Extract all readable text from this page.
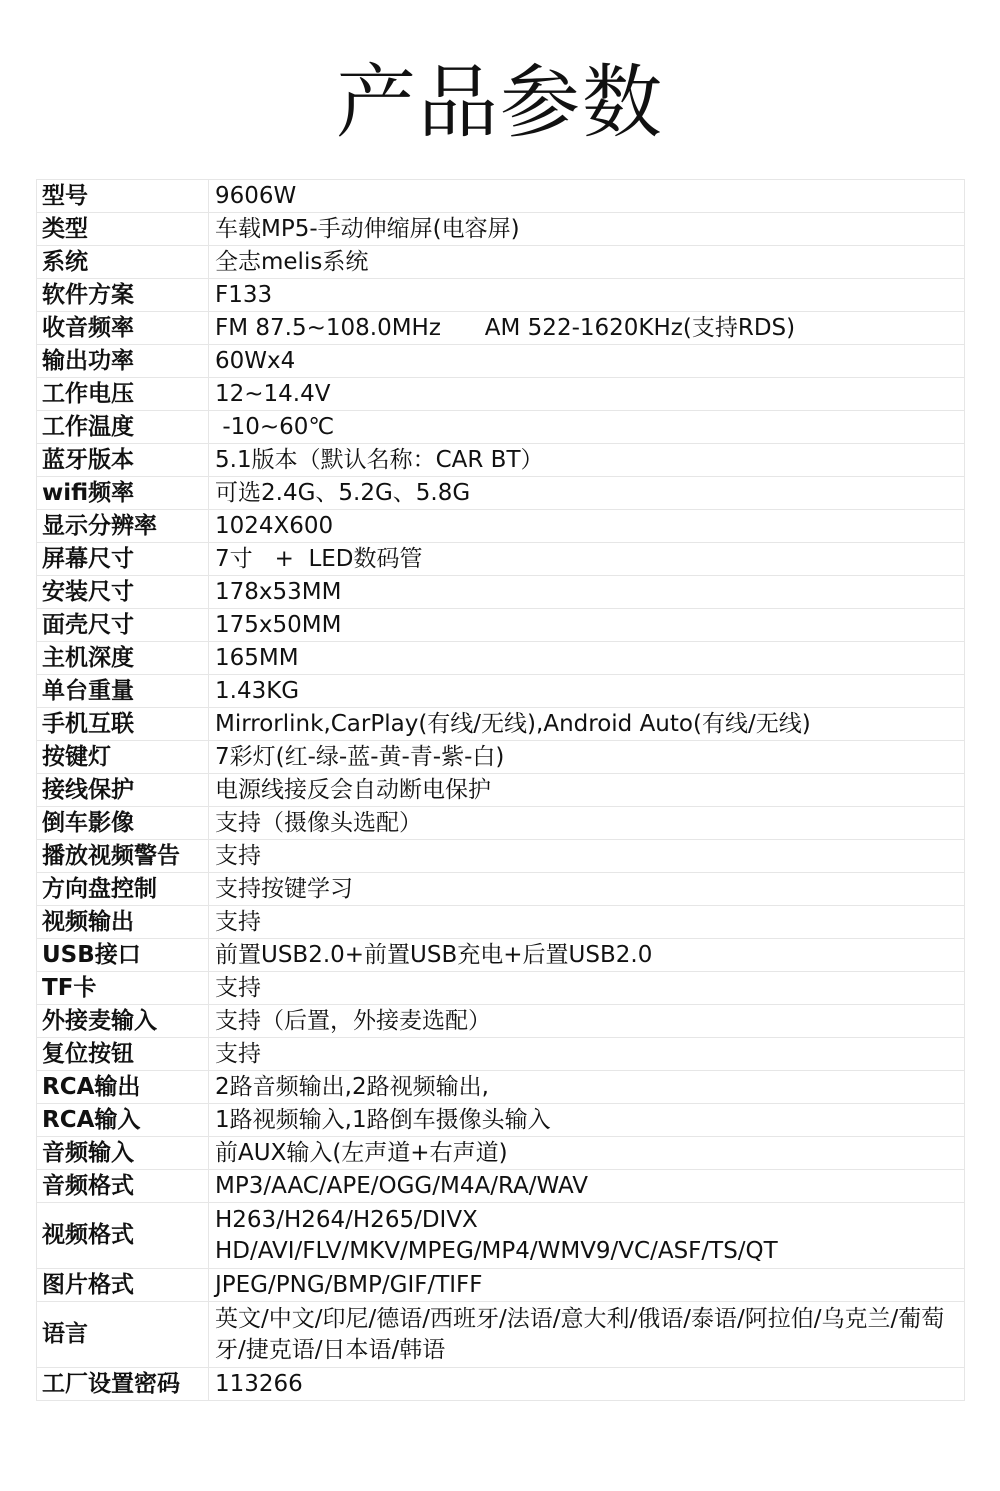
产品参数
型号	9606W
类型	车载MP5-手动伸缩屏(电容屏)
系统	全志melis系统
软件方案	F133
收音频率	FM 87.5~108.0MHz      AM 522-1620KHz(支持RDS)
输出功率	60Wx4
工作电压	12~14.4V
工作温度	-10~60℃
蓝牙版本	5.1版本（默认名称：CAR BT）
wifi频率	可选2.4G、5.2G、5.8G
显示分辨率	1024X600
屏幕尺寸	7寸   +  LED数码管
安装尺寸	178x53MM
面壳尺寸	175x50MM
主机深度	165MM
单台重量	1.43KG
手机互联	Mirrorlink,CarPlay(有线/无线),Android Auto(有线/无线)
按键灯	7彩灯(红-绿-蓝-黄-青-紫-白)
接线保护	电源线接反会自动断电保护
倒车影像	支持（摄像头选配）
播放视频警告	支持
方向盘控制	支持按键学习
视频输出	支持
USB接口	前置USB2.0+前置USB充电+后置USB2.0
TF卡	支持
外接麦输入	支持（后置，外接麦选配）
复位按钮	支持
RCA输出	2路音频输出,2路视频输出,
RCA输入	1路视频输入,1路倒车摄像头输入
音频输入	前AUX输入(左声道+右声道)
音频格式	MP3/AAC/APE/OGG/M4A/RA/WAV
视频格式	H263/H264/H265/DIVX HD/AVI/FLV/MKV/MPEG/MP4/WMV9/VC/ASF/TS/QT
图片格式	JPEG/PNG/BMP/GIF/TIFF
语言	英文/中文/印尼/德语/西班牙/法语/意大利/俄语/泰语/阿拉伯/乌克兰/葡萄牙/捷克语/日本语/韩语
工厂设置密码	113266
